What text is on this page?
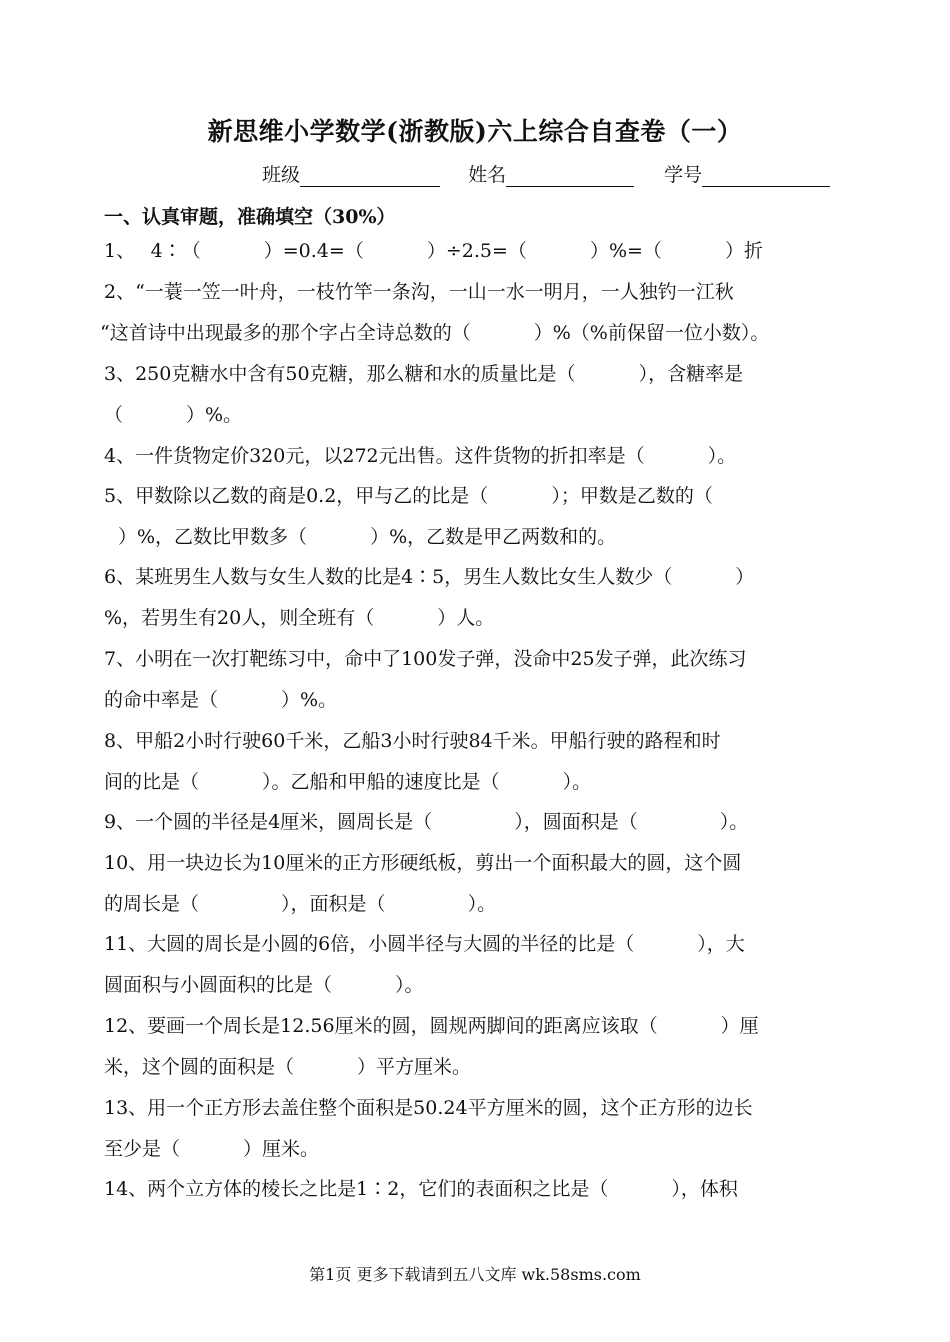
新思维小学数学(浙教版)六上综合自查卷（一）
班级	姓名	学号
一、认真审题，准确填空（30%）
1、　 4∶（　　　 ）=0.4=（　　　 ）÷2.5=（　　　 ）%=（　　　 ）折
2、“一蓑一笠一叶舟，一枝竹竿一条沟，一山一水一明月，一人独钓一江秋
“这首诗中出现最多的那个字占全诗总数的（　　　 ）%（%前保留一位小数）。
3、250克糖水中含有50克糖，那么糖和水的质量比是（　　　 ），含糖率是
（　　　 ）%。
4、一件货物定价320元，以272元出售。这件货物的折扣率是（　　　 ）。
5、甲数除以乙数的商是0.2，甲与乙的比是（　　　 ）；甲数是乙数的（
）%，乙数比甲数多（　　　 ）%，乙数是甲乙两数和的。
6、某班男生人数与女生人数的比是4∶5，男生人数比女生人数少（　　　 ）
%，若男生有20人，则全班有（　　　 ）人。
7、小明在一次打靶练习中，命中了100发子弹，没命中25发子弹，此次练习
的命中率是（　　　 ）%。
8、甲船2小时行驶60千米，乙船3小时行驶84千米。甲船行驶的路程和时
间的比是（　　　 ）。乙船和甲船的速度比是（　　　 ）。
9、一个圆的半径是4厘米，圆周长是（　　　　 ），圆面积是（　　　　 ）。
10、用一块边长为10厘米的正方形硬纸板，剪出一个面积最大的圆，这个圆
的周长是（　　　　 ），面积是（　　　　 ）。
11、大圆的周长是小圆的6倍，小圆半径与大圆的半径的比是（　　　 ），大
圆面积与小圆面积的比是（　　　 ）。
12、要画一个周长是12.56厘米的圆，圆规两脚间的距离应该取（　　　 ）厘
米，这个圆的面积是（　　　 ）平方厘米。
13、用一个正方形去盖住整个面积是50.24平方厘米的圆，这个正方形的边长
至少是（　　　 ）厘米。
14、两个立方体的棱长之比是1∶2，它们的表面积之比是（　　　 ），体积
第1页 更多下载请到五八文库 wk.58sms.com
